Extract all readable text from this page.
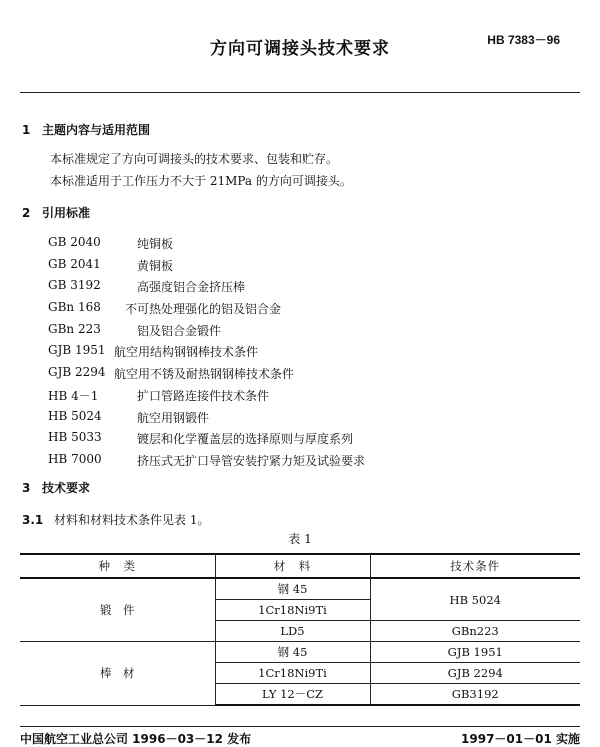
方向可调接头技术要求	HB 7383－96
1 主题内容与适用范围
本标准规定了方向可调接头的技术要求、包装和贮存。
本标准适用于工作压力不大于 21MPa 的方向可调接头。
2 引用标准
GB 2040	纯铜板
GB 2041	黄铜板
GB 3192	高强度铝合金挤压棒
GBn 168 不可热处理强化的铝及铝合金
GBn 223	铝及铝合金锻件
GJB 1951 航空用结构钢钢棒技术条件
GJB 2294 航空用不锈及耐热钢钢棒技术条件
HB 4－1	扩口管路连接件技术条件
HB 5024	航空用钢锻件
HB 5033	镀层和化学覆盖层的选择原则与厚度系列
HB 7000	挤压式无扩口导管安装拧紧力矩及试验要求
3 技术要求
3.1 材料和材料技术条件见表 1。
表 1
种　类	材　料	技术条件
锻　件	钢 45	HB 5024
	1Cr18Ni9Ti	
	LD5	GBn223
棒　材	钢 45	GJB 1951
	1Cr18Ni9Ti	GJB 2294
	LY 12－CZ	GB3192
中国航空工业总公司 1996－03－12 发布	1997－01－01 实施
